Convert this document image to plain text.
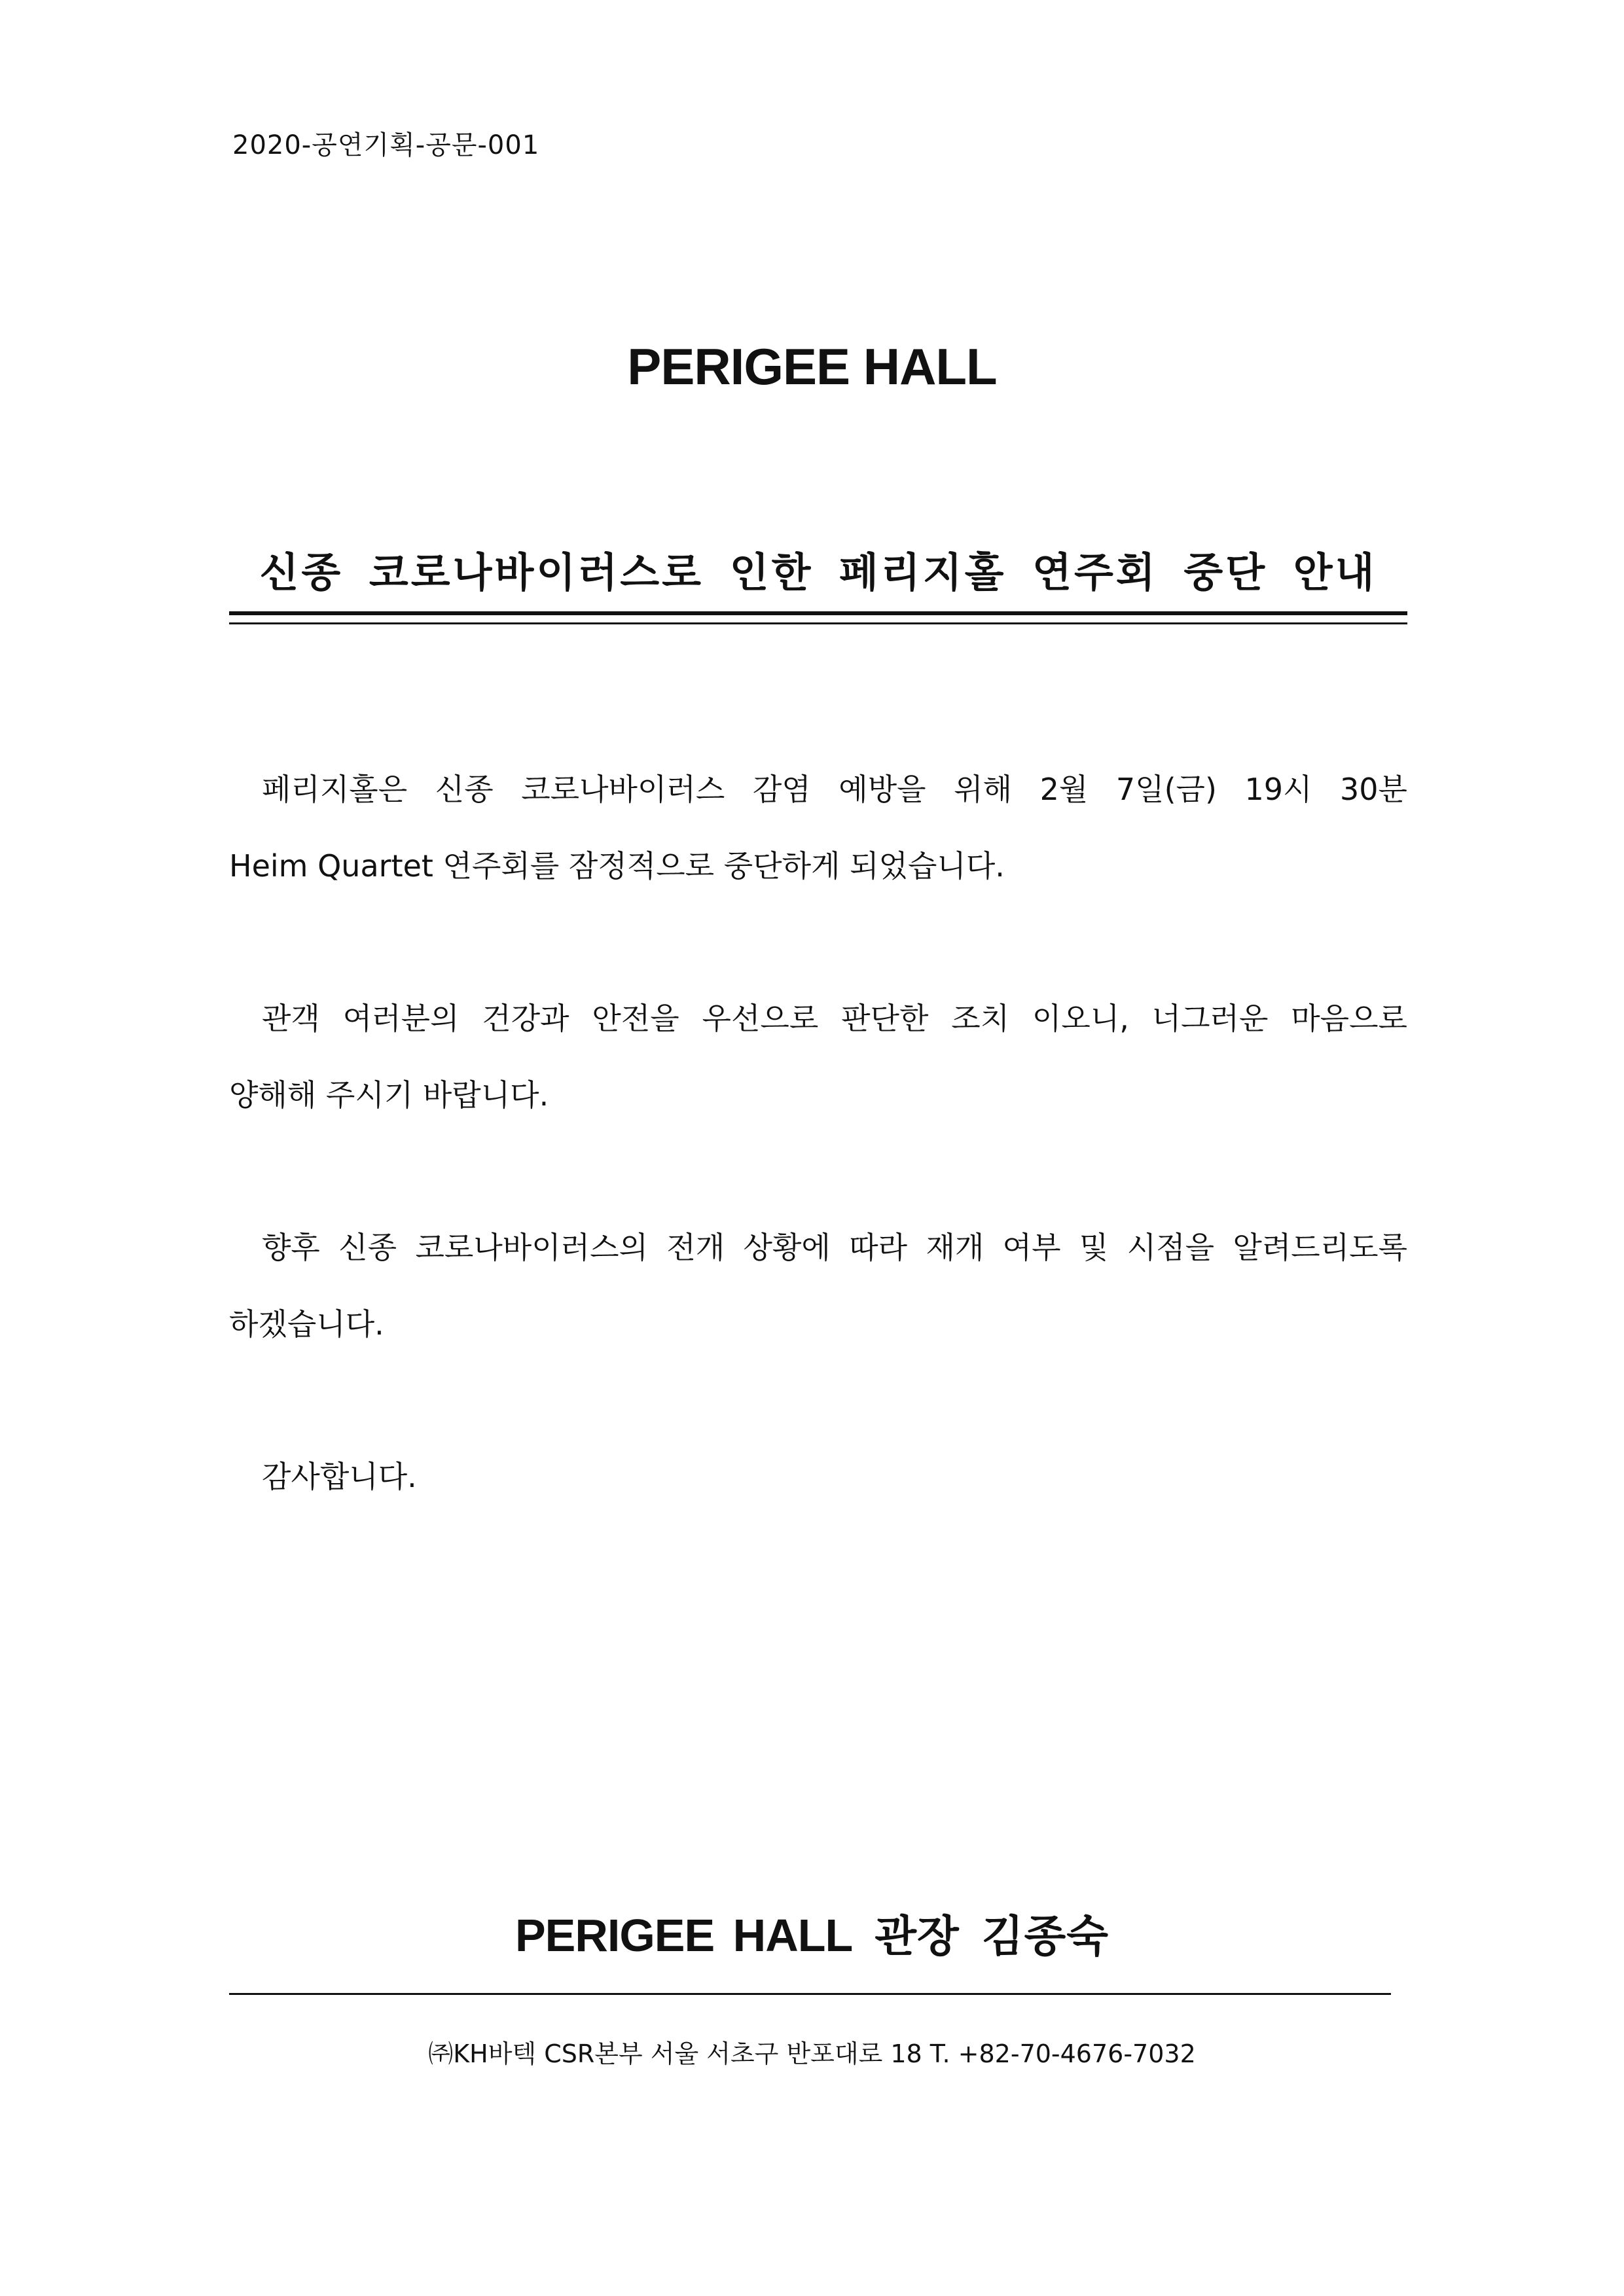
2020-공연기획-공문-001
PERIGEE HALL
신종 코로나바이러스로 인한 페리지홀 연주회 중단 안내
페리지홀은 신종 코로나바이러스 감염 예방을 위해 2월 7일(금) 19시 30분
Heim Quartet 연주회를 잠정적으로 중단하게 되었습니다.
관객 여러분의 건강과 안전을 우선으로 판단한 조치 이오니, 너그러운 마음으로
양해해 주시기 바랍니다.
향후 신종 코로나바이러스의 전개 상황에 따라 재개 여부 및 시점을 알려드리도록
하겠습니다.
감사합니다.
PERIGEE HALL 관장 김종숙
㈜KH바텍 CSR본부 서울 서초구 반포대로 18 T. +82-70-4676-7032
